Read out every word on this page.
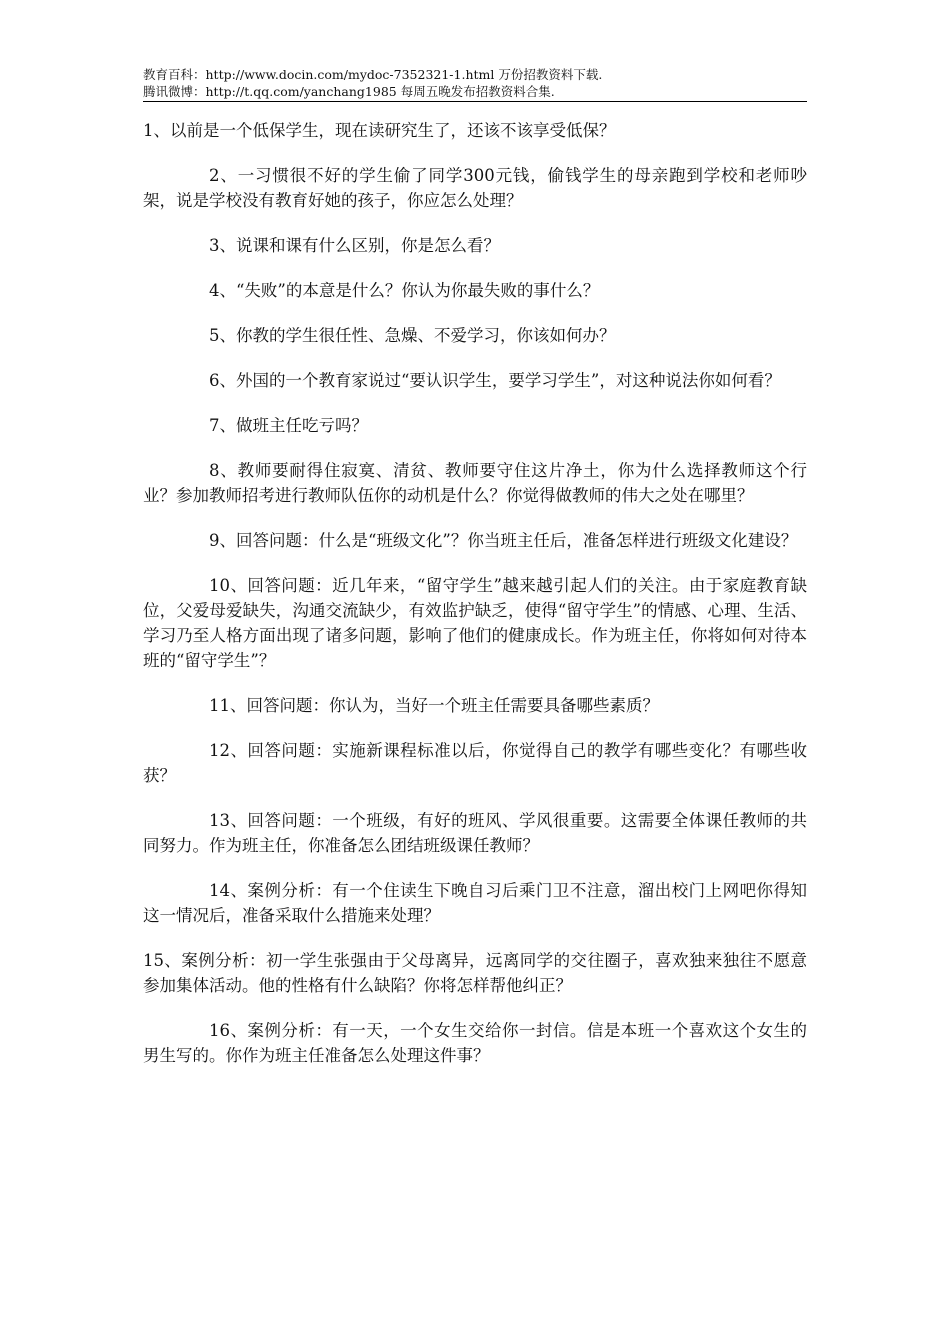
教育百科：http://www.docin.com/mydoc-7352321-1.html 万份招教资料下载.
腾讯微博：http://t.qq.com/yanchang1985 每周五晚发布招教资料合集.

1、以前是一个低保学生，现在读研究生了，还该不该享受低保？

2、一习惯很不好的学生偷了同学300元钱，偷钱学生的母亲跑到学校和老师吵架，说是学校没有教育好她的孩子，你应怎么处理？

3、说课和课有什么区别，你是怎么看？

4、“失败”的本意是什么？你认为你最失败的事什么？

5、你教的学生很任性、急燥、不爱学习，你该如何办？

6、外国的一个教育家说过“要认识学生，要学习学生”，对这种说法你如何看？

7、做班主任吃亏吗？

8、教师要耐得住寂寞、清贫、教师要守住这片净土，你为什么选择教师这个行业？参加教师招考进行教师队伍你的动机是什么？你觉得做教师的伟大之处在哪里？

9、回答问题：什么是“班级文化”？你当班主任后，准备怎样进行班级文化建设？

10、回答问题：近几年来，“留守学生”越来越引起人们的关注。由于家庭教育缺位，父爱母爱缺失，沟通交流缺少，有效监护缺乏，使得“留守学生”的情感、心理、生活、学习乃至人格方面出现了诸多问题，影响了他们的健康成长。作为班主任，你将如何对待本班的“留守学生”？

11、回答问题：你认为，当好一个班主任需要具备哪些素质？

12、回答问题：实施新课程标准以后，你觉得自己的教学有哪些变化？有哪些收获？

13、回答问题：一个班级，有好的班风、学风很重要。这需要全体课任教师的共同努力。作为班主任，你准备怎么团结班级课任教师？

14、案例分析：有一个住读生下晚自习后乘门卫不注意，溜出校门上网吧你得知这一情况后，准备采取什么措施来处理？

15、案例分析：初一学生张强由于父母离异，远离同学的交往圈子，喜欢独来独往不愿意参加集体活动。他的性格有什么缺陷？你将怎样帮他纠正？

16、案例分析：有一天，一个女生交给你一封信。信是本班一个喜欢这个女生的男生写的。你作为班主任准备怎么处理这件事？
